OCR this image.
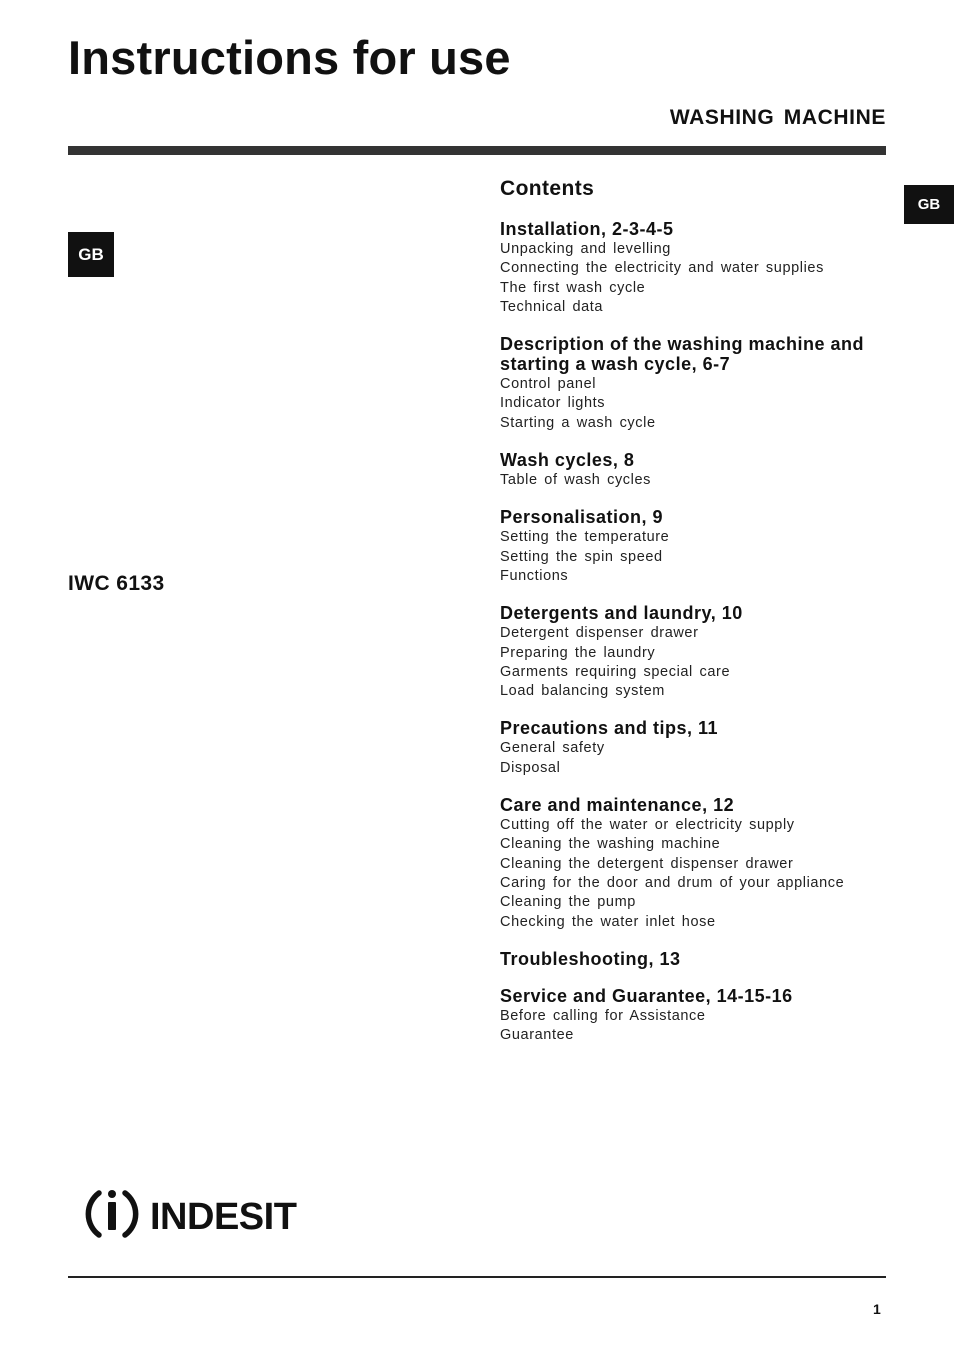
Instructions for use
WASHING MACHINE
GB
GB
IWC 6133
Contents
Installation, 2-3-4-5
Unpacking and levelling
Connecting the electricity and water supplies
The first wash cycle
Technical data
Description of the washing machine and starting a wash cycle, 6-7
Control panel
Indicator lights
Starting a wash cycle
Wash cycles, 8
Table of wash cycles
Personalisation, 9
Setting the temperature
Setting the spin speed
Functions
Detergents and laundry, 10
Detergent dispenser drawer
Preparing the laundry
Garments requiring special care
Load balancing system
Precautions and tips, 11
General safety
Disposal
Care and maintenance, 12
Cutting off the water or electricity supply
Cleaning the washing machine
Cleaning the detergent dispenser drawer
Caring for the door and drum of your appliance
Cleaning the pump
Checking the water inlet hose
Troubleshooting, 13
Service and Guarantee, 14-15-16
Before calling for Assistance
Guarantee
INDESIT
1
